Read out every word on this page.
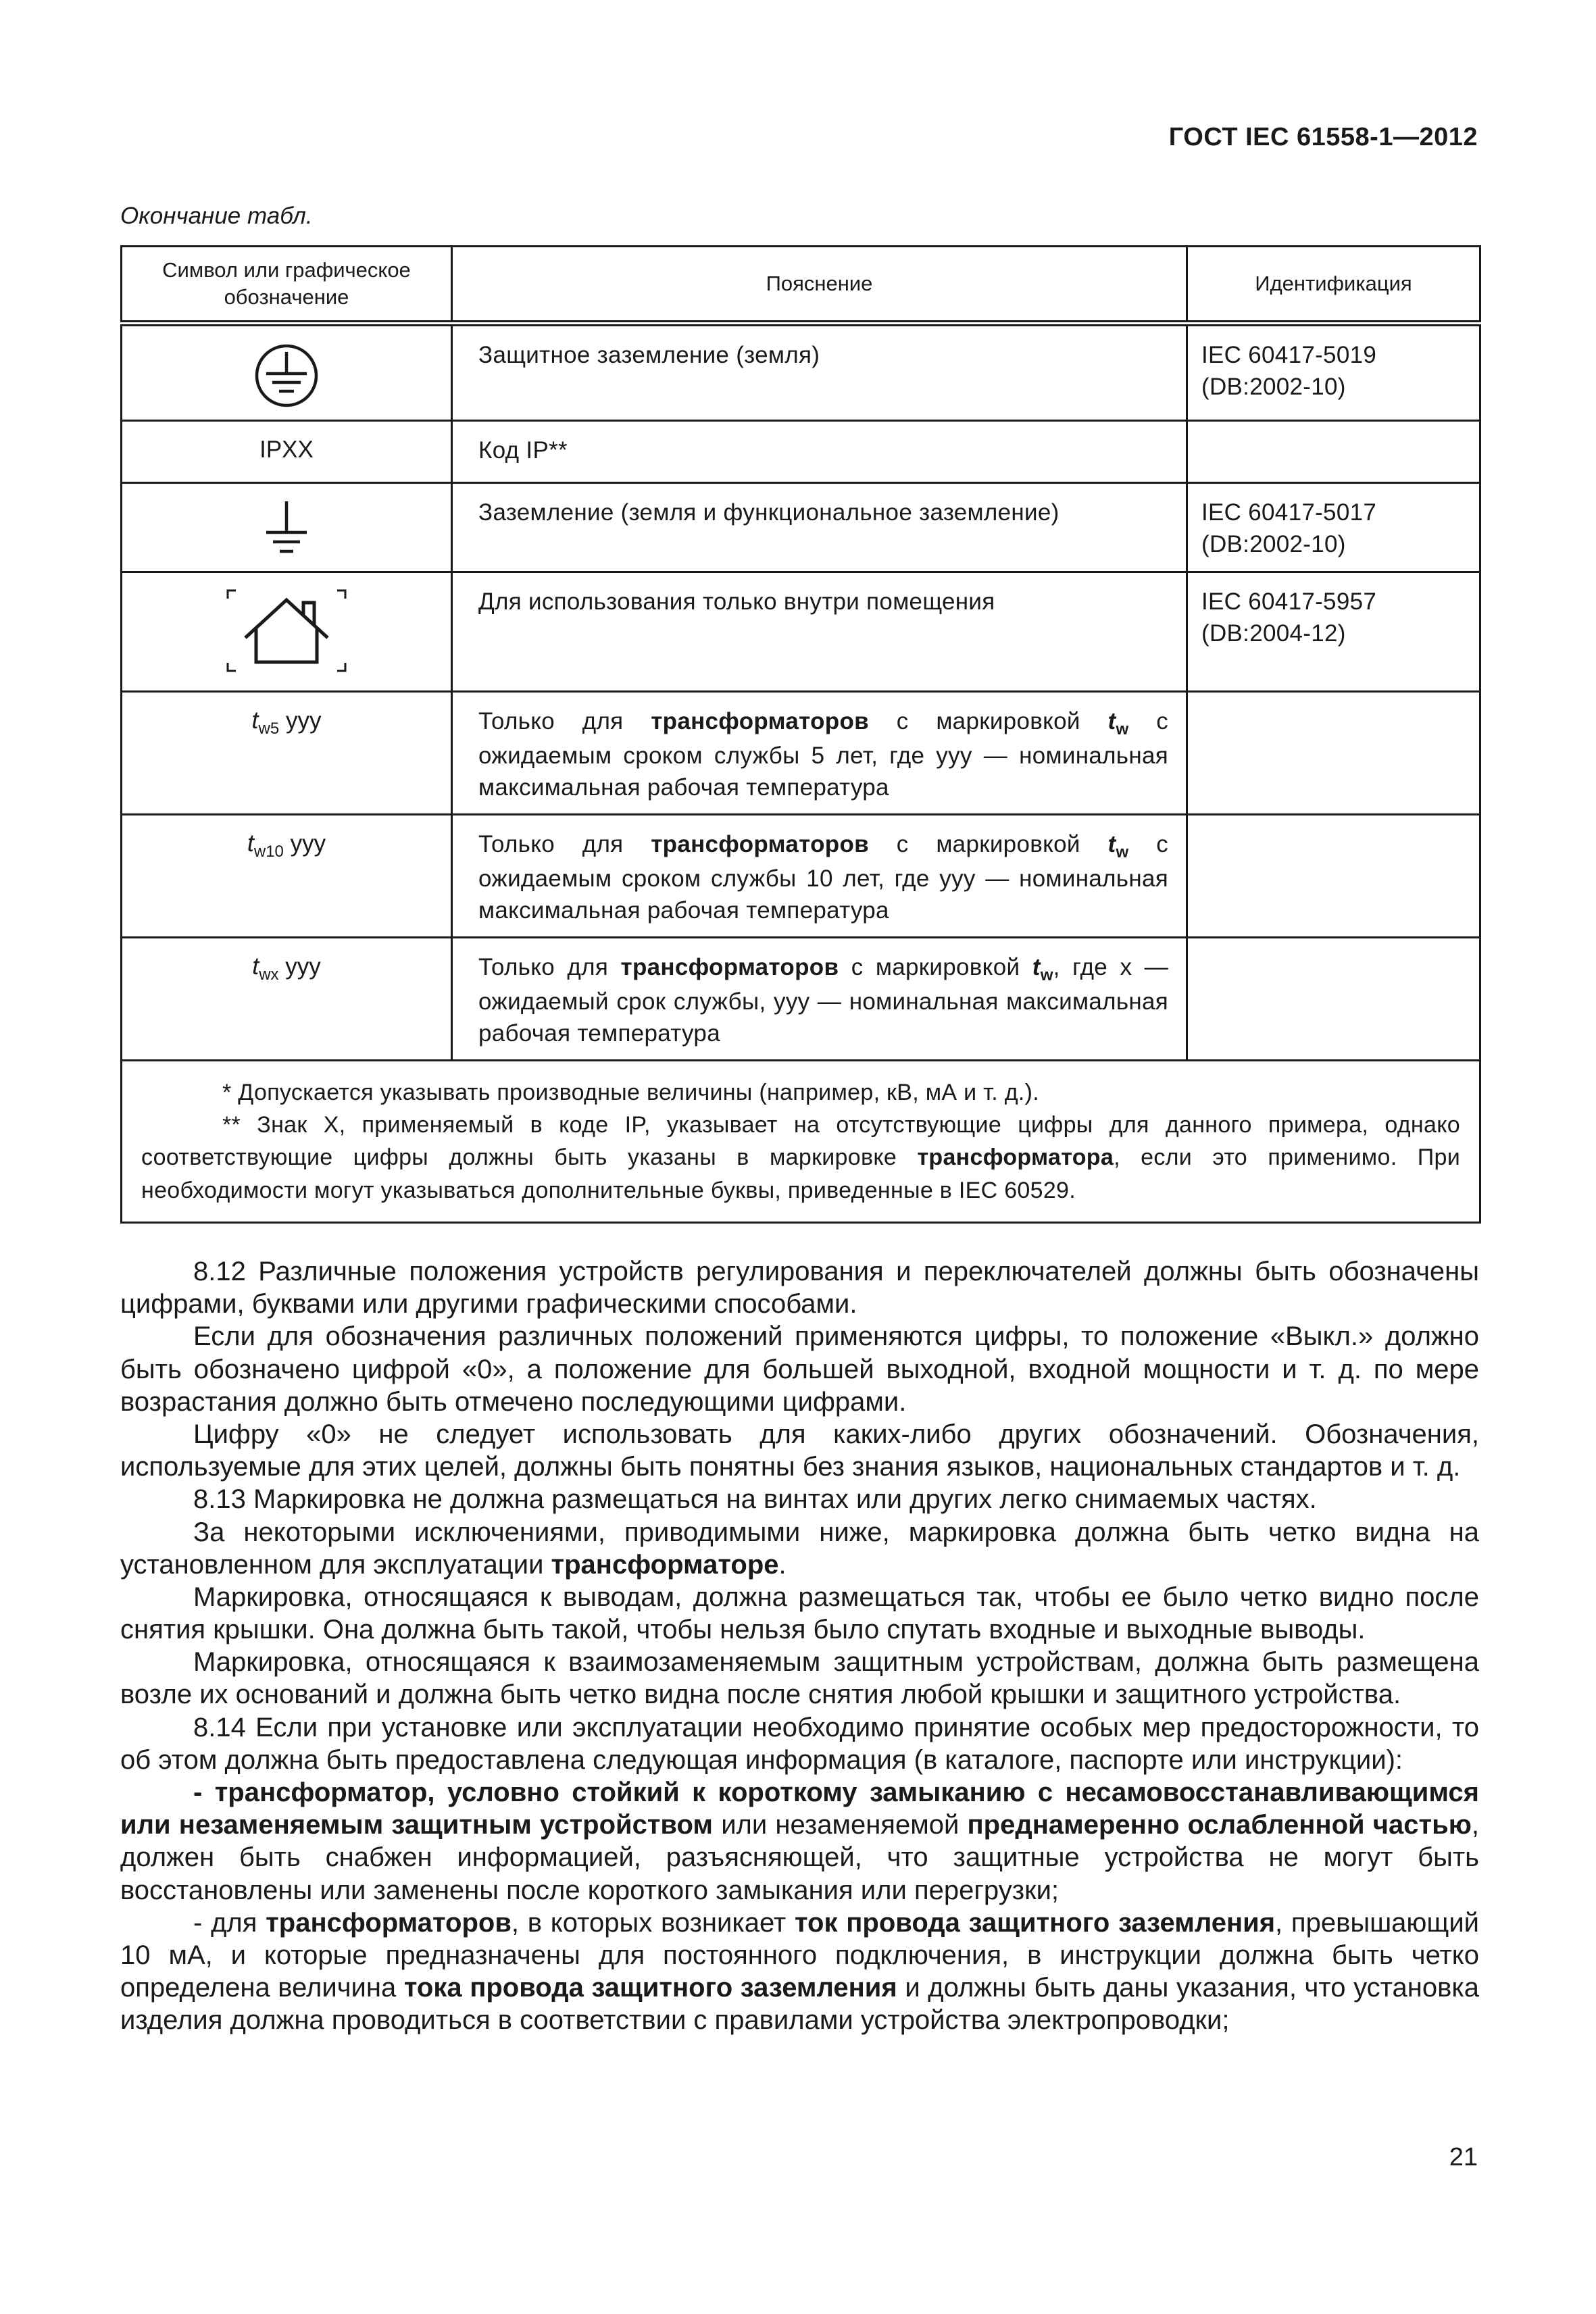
ГОСТ IEC 61558-1—2012
Окончание табл.
Символ или графическое обозначение	Пояснение	Идентификация
	Защитное заземление (земля)	IEC 60417-5019
(DB:2002-10)

IPXX	Код IP**	

	Заземление (земля и функциональное заземление)	IEC 60417-5017
(DB:2002-10)

	Для использования только внутри помещения	IEC 60417-5957
(DB:2004-12)

$t_{w5}$ yyy	Только для трансформаторов с маркировкой $t_w$ с ожидаемым сроком службы 5 лет, где yyy — номинальная максимальная рабочая температура	
$t_{w10}$ yyy	Только для трансформаторов с маркировкой $t_w$ с ожидаемым сроком службы 10 лет, где yyy — номинальная максимальная рабочая температура	
$t_{wx}$ yyy	Только для трансформаторов с маркировкой $t_w$, где x — ожидаемый срок службы, yyy — номинальная максимальная рабочая температура	

* Допускается указывать производные величины (например, кВ, мА и т. д.).

** Знак X, применяемый в коде IP, указывает на отсутствующие цифры для данного примера, однако соответствующие цифры должны быть указаны в маркировке трансформатора, если это применимо. При необходимости могут указываться дополнительные буквы, приведенные в IEC 60529.		

8.12 Различные положения устройств регулирования и переключателей должны быть обозначены цифрами, буквами или другими графическими способами.

Если для обозначения различных положений применяются цифры, то положение «Выкл.» должно быть обозначено цифрой «0», а положение для большей выходной, входной мощности и т. д. по мере возрастания должно быть отмечено последующими цифрами.

Цифру «0» не следует использовать для каких-либо других обозначений. Обозначения, используемые для этих целей, должны быть понятны без знания языков, национальных стандартов и т. д.

8.13 Маркировка не должна размещаться на винтах или других легко снимаемых частях.

За некоторыми исключениями, приводимыми ниже, маркировка должна быть четко видна на установленном для эксплуатации трансформаторе.

Маркировка, относящаяся к выводам, должна размещаться так, чтобы ее было четко видно после снятия крышки. Она должна быть такой, чтобы нельзя было спутать входные и выходные выводы.

Маркировка, относящаяся к взаимозаменяемым защитным устройствам, должна быть размещена возле их оснований и должна быть четко видна после снятия любой крышки и защитного устройства.

8.14 Если при установке или эксплуатации необходимо принятие особых мер предосторожности, то об этом должна быть предоставлена следующая информация (в каталоге, паспорте или инструкции):

- трансформатор, условно стойкий к короткому замыканию с несамовосстанавливающимся или незаменяемым защитным устройством или незаменяемой преднамеренно ослабленной частью, должен быть снабжен информацией, разъясняющей, что защитные устройства не могут быть восстановлены или заменены после короткого замыкания или перегрузки;

- для трансформаторов, в которых возникает ток провода защитного заземления, превышающий 10 мА, и которые предназначены для постоянного подключения, в инструкции должна быть четко определена величина тока провода защитного заземления и должны быть даны указания, что установка изделия должна проводиться в соответствии с правилами устройства электропроводки;

21
